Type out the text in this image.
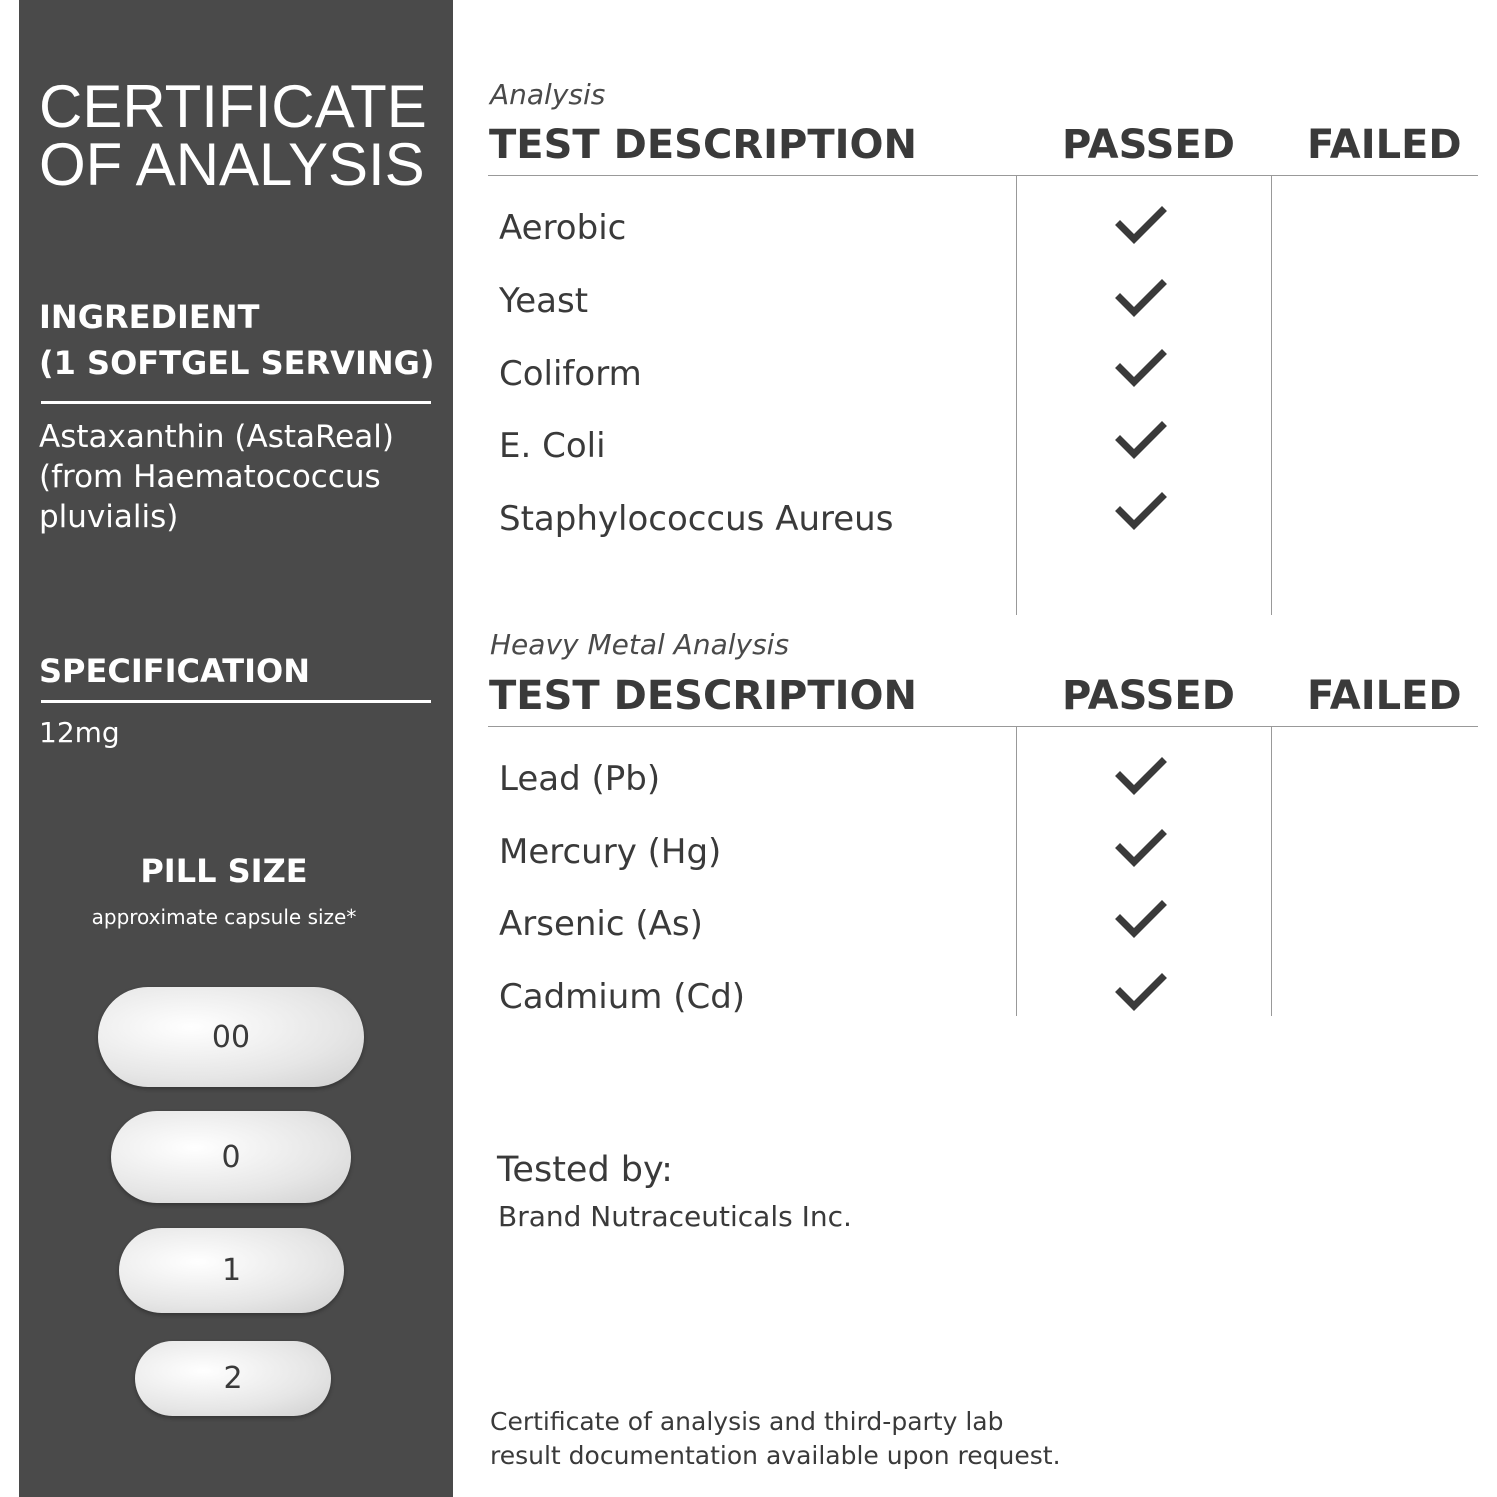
CERTIFICATE
OF ANALYSIS
INGREDIENT
(1 SOFTGEL SERVING)
Astaxanthin (AstaReal)
(from Haematococcus
pluvialis)
SPECIFICATION
12mg
PILL SIZE
approximate capsule size*
00
0
1
2
Analysis
TEST DESCRIPTION	PASSED FAILED
Aerobic
Yeast
Coliform
E. Coli
Staphylococcus Aureus
Heavy Metal Analysis
TEST DESCRIPTION	PASSED FAILED
Lead (Pb)
Mercury (Hg)
Arsenic (As)
Cadmium (Cd)
Tested by:
Brand Nutraceuticals Inc.
Certificate of analysis and third-party lab
result documentation available upon request.
